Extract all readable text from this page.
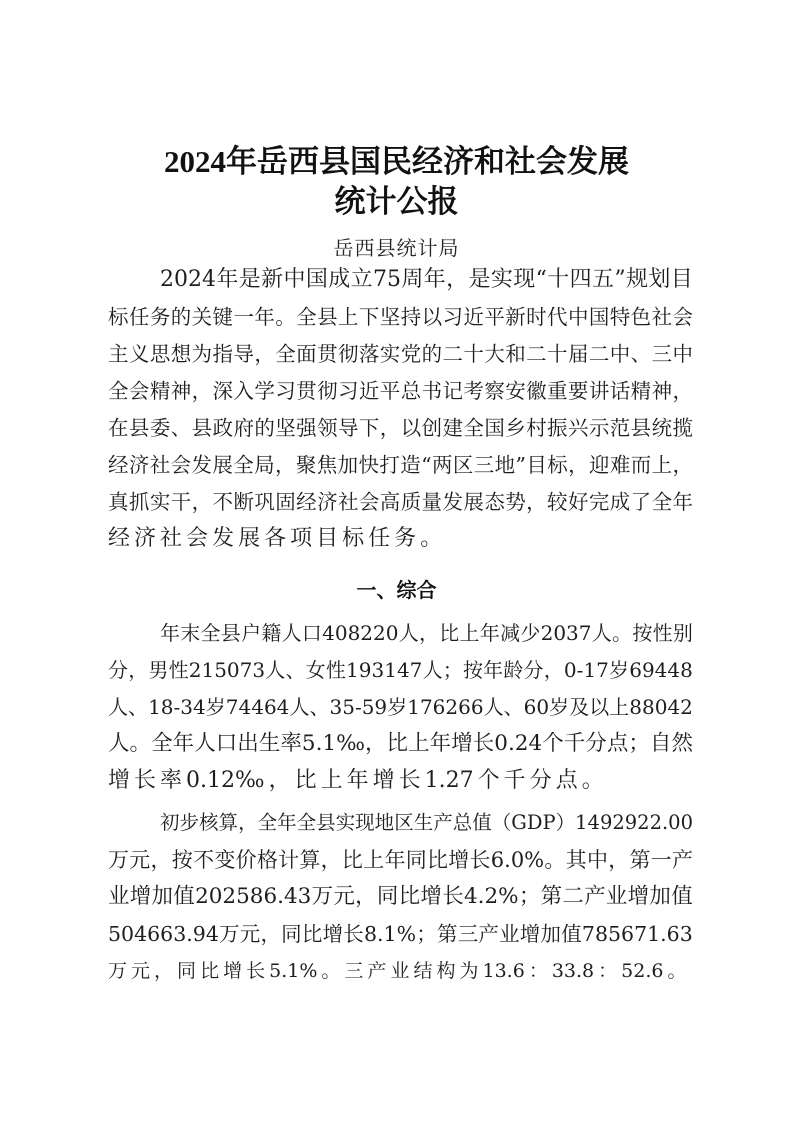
2024年岳西县国民经济和社会发展
统计公报
岳西县统计局
2024 年 是 新 中 国 成 立 75 周 年 ， 是 实 现 “ 十 四 五 ” 规 划 目
标 任 务 的 关 键 一 年 。 全 县 上 下 坚 持 以 习 近 平 新 时 代 中 国 特 色 社 会
主 义 思 想 为 指 导 ， 全 面 贯 彻 落 实 党 的 二 十 大 和 二 十 届 二 中 、 三 中
全 会 精 神 ， 深 入 学 习 贯 彻 习 近 平 总 书 记 考 察 安 徽 重 要 讲 话 精 神 ，
在 县 委 、 县 政 府 的 坚 强 领 导 下 ， 以 创 建 全 国 乡 村 振 兴 示 范 县 统 揽
经 济 社 会 发 展 全 局 ， 聚 焦 加 快 打 造 “ 两 区 三 地 ” 目 标 ， 迎 难 而 上 ，
真 抓 实 干 ， 不 断 巩 固 经 济 社 会 高 质 量 发 展 态 势 ， 较 好 完 成 了 全 年
经 济 社 会 发 展 各 项 目 标 任 务 。
一、综合
年 末 全 县 户 籍 人 口 408220 人 ， 比 上 年 减 少 2037 人 。 按 性 别
分 ， 男 性 215073 人 、 女 性 193147 人 ； 按 年 龄 分 ， 0-17 岁 69448
人 、 18-34 岁 74464 人 、 35-59 岁 176266 人 、 60 岁 及 以 上 88042
人 。 全 年 人 口 出 生 率 5.1‰ ， 比 上 年 增 长 0.24 个 千 分 点 ； 自 然
增 长 率 0.12‰ ， 比 上 年 增 长 1.27 个 千 分 点 。
初 步 核 算 ， 全 年 全 县 实 现 地 区 生 产 总 值 （ GDP ） 1492922.00
万 元 ， 按 不 变 价 格 计 算 ， 比 上 年 同 比 增 长 6.0% 。 其 中 ， 第 一 产
业 增 加 值 202586.43 万 元 ， 同 比 增 长 4.2% ； 第 二 产 业 增 加 值
504663.94 万 元 ， 同 比 增 长 8.1% ； 第 三 产 业 增 加 值 785671.63
万 元 ， 同 比 增 长 5.1% 。 三 产 业 结 构 为 13.6 ： 33.8 ： 52.6 。
